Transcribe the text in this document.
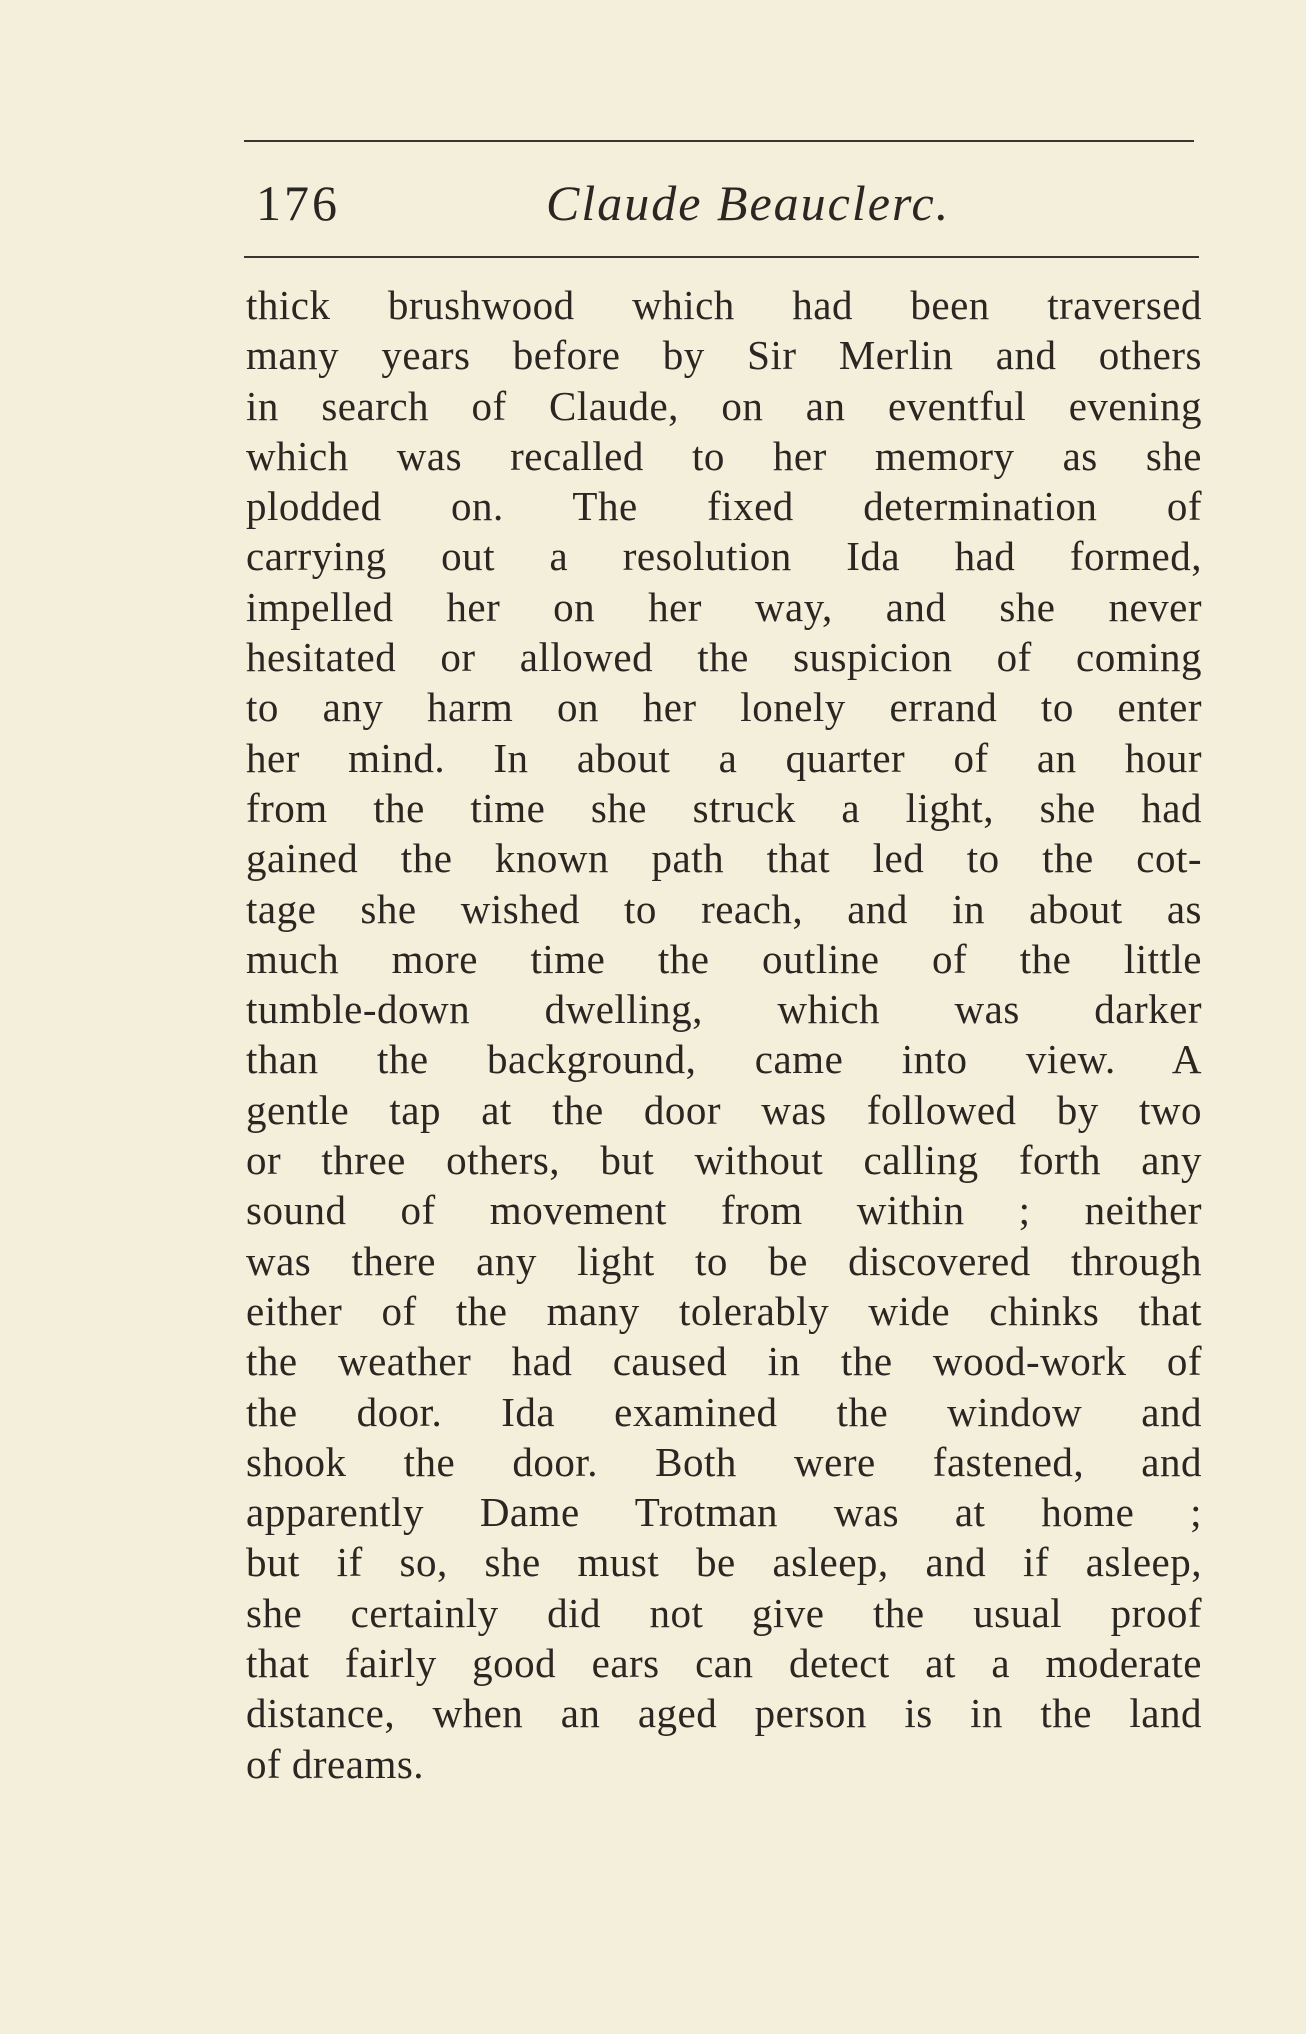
176	Claude Beauclerc.
thick brushwood which had been traversed
many years before by Sir Merlin and others
in search of Claude, on an eventful evening
which was recalled to her memory as she
plodded on. The fixed determination of
carrying out a resolution Ida had formed,
impelled her on her way, and she never
hesitated or allowed the suspicion of coming
to any harm on her lonely errand to enter
her mind. In about a quarter of an hour
from the time she struck a light, she had
gained the known path that led to the cot-
tage she wished to reach, and in about as
much more time the outline of the little
tumble-down dwelling, which was darker
than the background, came into view. A
gentle tap at the door was followed by two
or three others, but without calling forth any
sound of movement from within ; neither
was there any light to be discovered through
either of the many tolerably wide chinks that
the weather had caused in the wood-work of
the door. Ida examined the window and
shook the door. Both were fastened, and
apparently Dame Trotman was at home ;
but if so, she must be asleep, and if asleep,
she certainly did not give the usual proof
that fairly good ears can detect at a moderate
distance, when an aged person is in the land
of dreams.
